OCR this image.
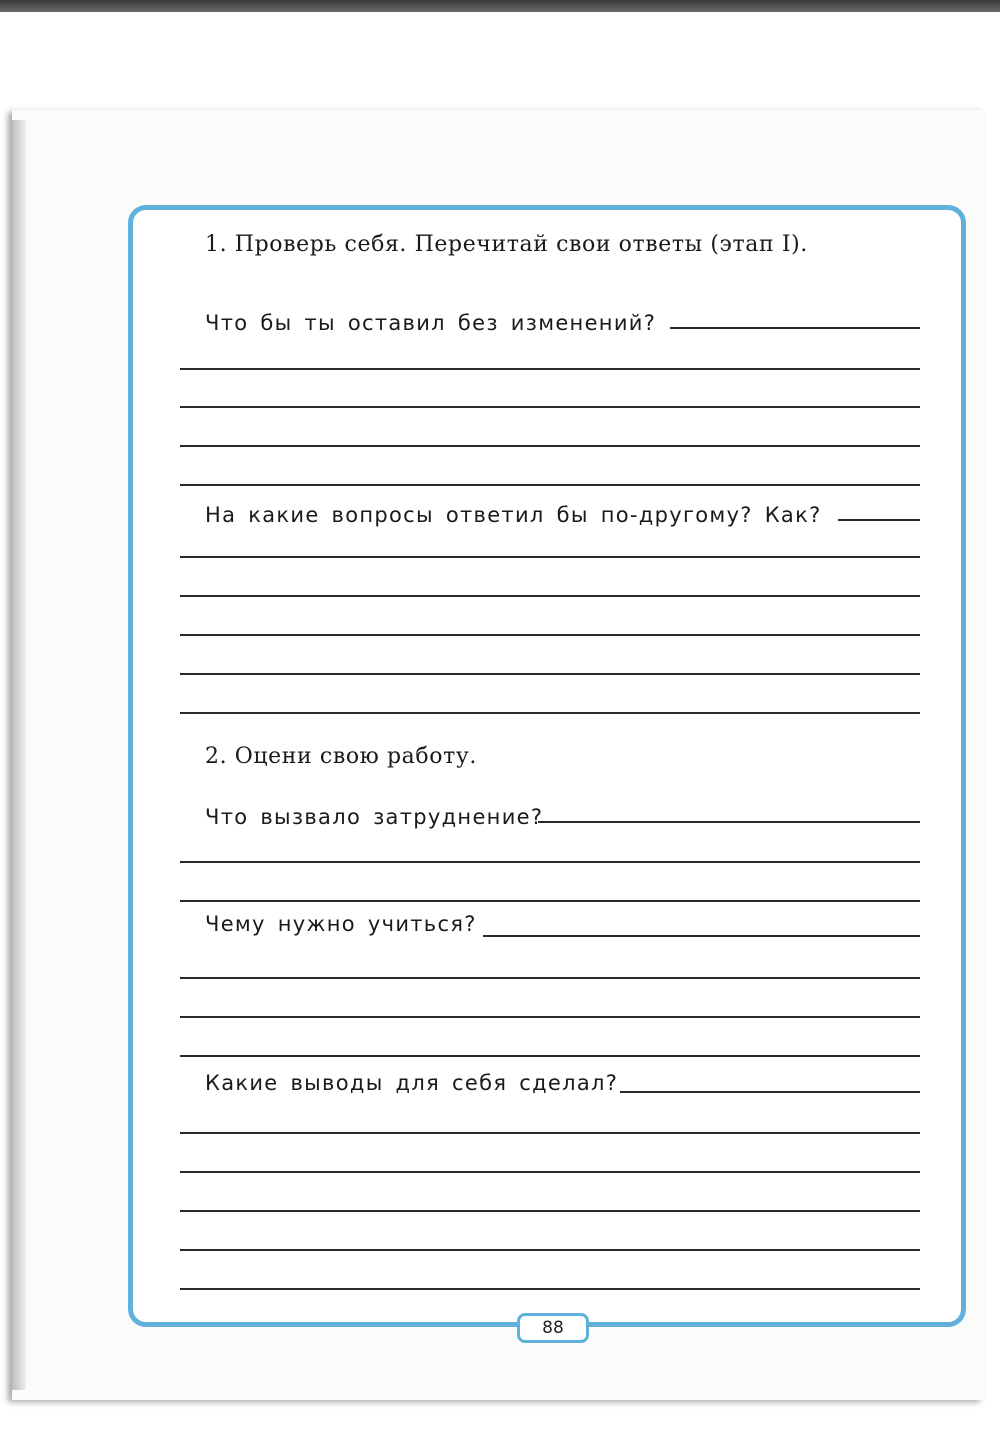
1. Проверь себя. Перечитай свои ответы (этап I).
Что бы ты оставил без изменений?
На какие вопросы ответил бы по-другому? Как?
2. Оцени свою работу.
Что вызвало затруднение?
Чему нужно учиться?
Какие выводы для себя сделал?
88
